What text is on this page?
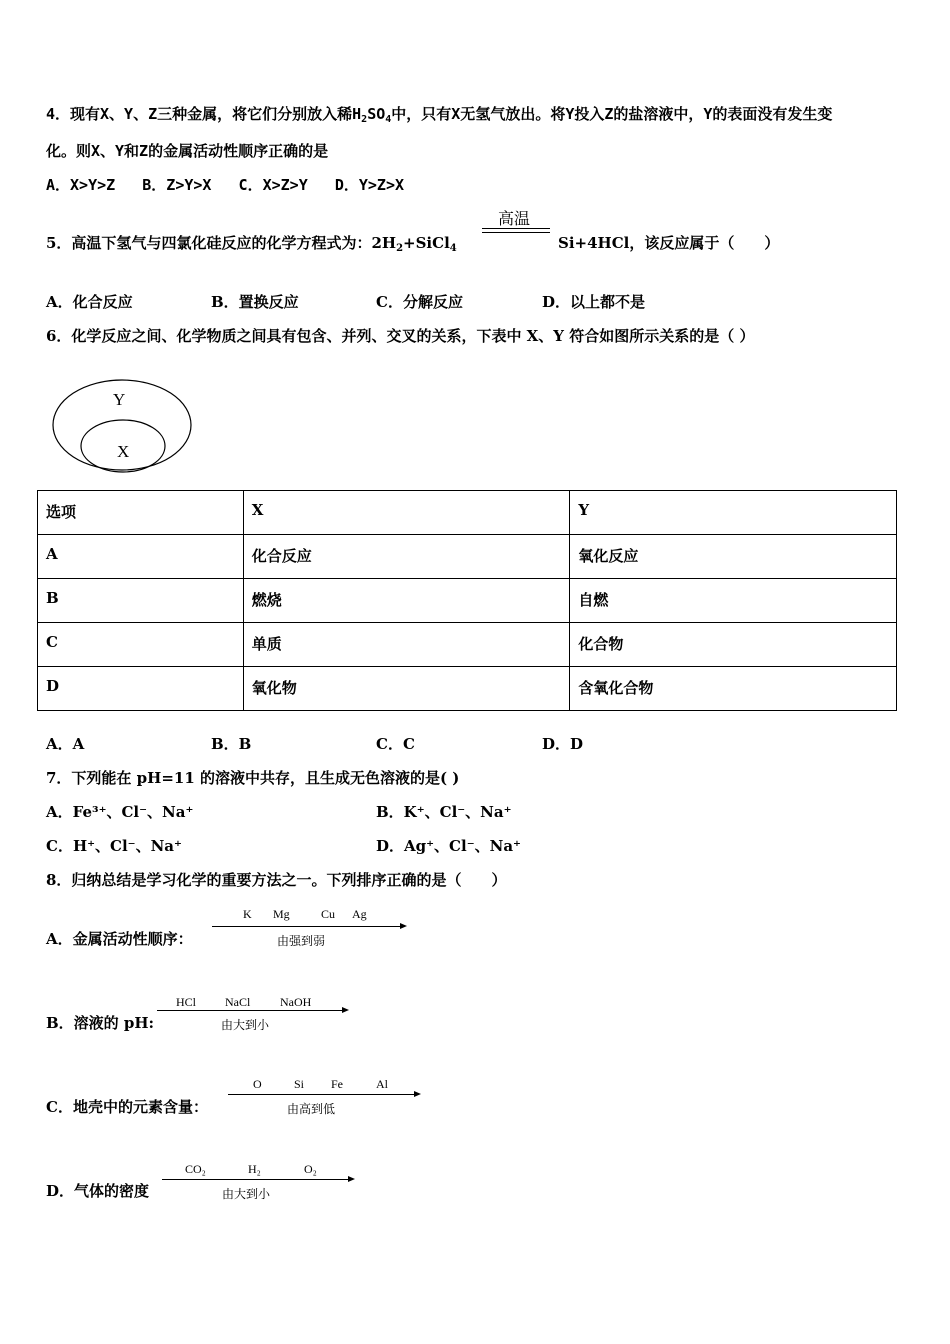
4．现有X、Y、Z三种金属，将它们分别放入稀$H_2SO_4$中，只有X无氢气放出。将Y投入Z的盐溶液中，Y的表面没有发生变
化。则X、Y和Z的金属活动性顺序正确的是
A．X>Y>Z   B．Z>Y>X   C．X>Z>Y   D．Y>Z>X
5．高温下氢气与四氯化硅反应的化学方程式为：$2H_2+SiCl_4$
高温
Si+4HCl，该反应属于（　　）
A．化合反应	B．置换反应	C．分解反应	D．以上都不是
6．化学反应之间、化学物质之间具有包含、并列、交叉的关系，下表中 X、Y 符合如图所示关系的是（ ）
Y
X
选项	X	Y
A	化合反应	氧化反应
B	燃烧	自燃
C	单质	化合物
D	氧化物	含氧化合物
A．A	B．B	C．C	D．D
7．下列能在 pH=11 的溶液中共存，且生成无色溶液的是( )
A．Fe³⁺、Cl⁻、Na⁺	B．K⁺、Cl⁻、Na⁺
C．H⁺、Cl⁻、Na⁺	D．Ag⁺、Cl⁻、Na⁺
8．归纳总结是学习化学的重要方法之一。下列排序正确的是（　　）
A．金属活动性顺序：
K Mg	Cu Ag
由强到弱
B．溶液的 pH:
HCl NaCl NaOH
由大到小
C．地壳中的元素含量：
O	Si Fe	Al
由高到低
D．气体的密度
CO₂	H₂	O₂
由大到小
